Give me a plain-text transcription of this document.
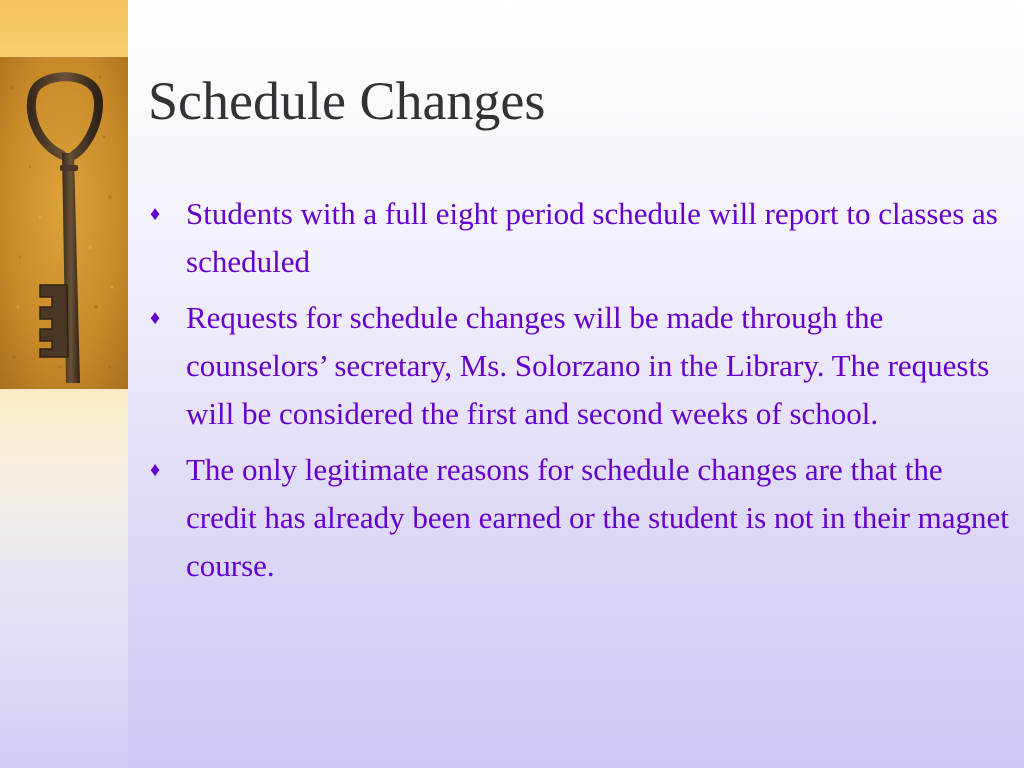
Schedule Changes
♦ Students with a full eight period schedule will report to classes as scheduled
♦ Requests for schedule changes will be made through the counselors’ secretary, Ms. Solorzano in the Library. The requests will be considered the first and second weeks of school.
♦ The only legitimate reasons for schedule changes are that the credit has already been earned or the student is not in their magnet course.
